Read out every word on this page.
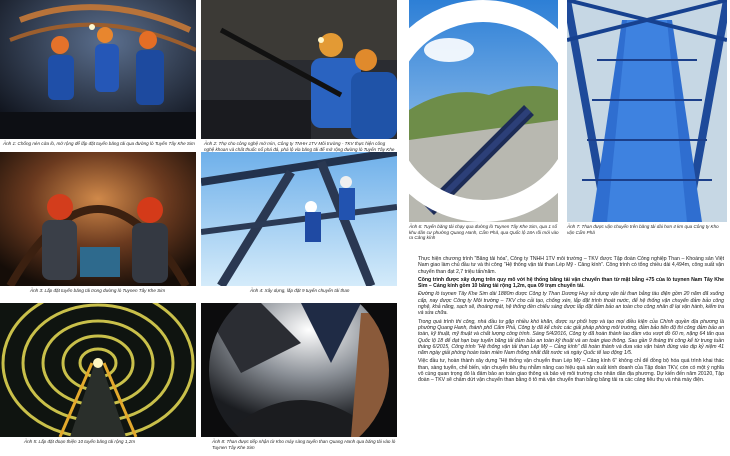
Ảnh 1: Chống nén cửa lò, mở rộng để lắp đặt tuyến băng tải qua đường lò Tuyến Tây Khe Sim Ảnh 2: Thợ cho công nghệ mở mìn, Công ty TNHH 1TV Môi trường - TKV thực hiện công nghệ khoan và chất thuốc nổ phá đá, phá lộ vỉa băng tải để mở rộng đường lò Tuyến Tây Khe
Ảnh 6: Tuyến băng tải chạy qua đường lò Tuynen Tây Khe Sim, qua 1 số khu dân cư phường Quang Hanh, Cẩm Phả, qua Quốc lộ 18A rồi mới vào ra Cảng kính
Ảnh 7: Than được vận chuyển trên băng tải dài hơn 4 km qua Công ty Kho vận Cẩm Phả
Ảnh 3: Lắp đặt tuyến băng tải trong đường lò Tuynen Tây Khe Sim	Ảnh 4: Xây dựng, lắp đặt 9 tuyến chuyển tải than
Ảnh 5: Lắp đặt đoạn thiện 10 tuyến băng tải rộng 1,2m	Ảnh 8: Than được tiếp nhận từ Kho máy sàng tuyến than Quang Hanh qua băng tải vào lò Tuynen Tây Khe Sim

Thực hiện chương trình “Băng tải hóa”, Công ty TNHH 1TV môi trường – TKV được Tập đoàn Công nghiệp Than – Khoáng sản Việt Nam giao làm chủ đầu tư và thi công “Hệ thống vận tải than Lép Mỹ - Cảng kính”. Công trình có tổng chiều dài 4,494m, công suất vận chuyển than đạt 2,7 triệu tấn/năm.

Công trình được xây dựng trên quy mô với hệ thống băng tải vận chuyển than từ mặt bằng +75 của lò tuynen Nam Tây Khe Sim – Cảng kính gồm 10 băng tải rộng 1,2m, qua 09 trạm chuyển tải.

Đường lò tuynen Tây Khe Sim dài 1880m được Công ty Than Dương Huy sử dụng vận tải than bằng tàu điện gồm 20 năm đã xuống cấp, nay được Công ty Môi trường – TKV cho cải tạo, chống xén, lắp đặt trình thoát nước, để hệ thống vận chuyển đảm bảo công nghệ, khả năng, sạch sẽ, thoáng mát, hệ thống đèn chiếu sáng được lắp đặt đảm bảo an toàn cho công nhân đi lại vận hành, kiểm tra và sửa chữa.

Trong quá trình thi công, nhà đầu tư gặp nhiều khó khăn, được sự phối hợp và tạo mọi điều kiện của Chính quyền địa phương là phường Quang Hanh, thành phố Cẩm Phả, Công ty đã kể chức các giải pháp phòng môi trường, đảm bảo tiến độ thi công đảm bảo an toàn, kỹ thuật, mỹ thuật và chất lượng công trình. Sáng 5/4/2016, Công ty đã hoàn thành lao đầm vòu vượt đồ 60 m, nặng 64 tấn qua Quốc lộ 18 để đạt hạn bay tuyến băng tải đảm bảo an toàn kỹ thuật và an toàn giao thông. Sau gần 9 tháng thi công kể từ trung tuần tháng 6/2015, Công trình “Hệ thống vận tải than Lép Mỹ – Cảng kính” đã hoàn thành và đưa vào vận hành đúng vào dịp kỷ niệm 41 năm ngày giải phóng hoàn toàn miền Nam thống nhất đất nước và ngày Quốc tế lao động 1/5.

Việc đầu tư, hoàn thành xây dựng “Hệ thống vận chuyển than Lép Mỹ – Cảng kính 6” không chỉ để đồng bộ hóa quá trình khai thác than, sàng tuyển, chế biến, vận chuyển tiêu thụ nhằm nâng cao hiệu quả sản xuất kinh doanh của Tập đoàn TKV, còn có một ý nghĩa vô cùng quan trọng đó là đảm bảo an toàn giao thông và bảo vệ môi trường cho nhân dân địa phương. Dự kiến đến năm 20120, Tập đoàn – TKV sẽ chấm dứt vận chuyển than bằng ô tô mà vận chuyển than bằng băng tải ra các cảng tiêu thụ và nhà máy điện.
